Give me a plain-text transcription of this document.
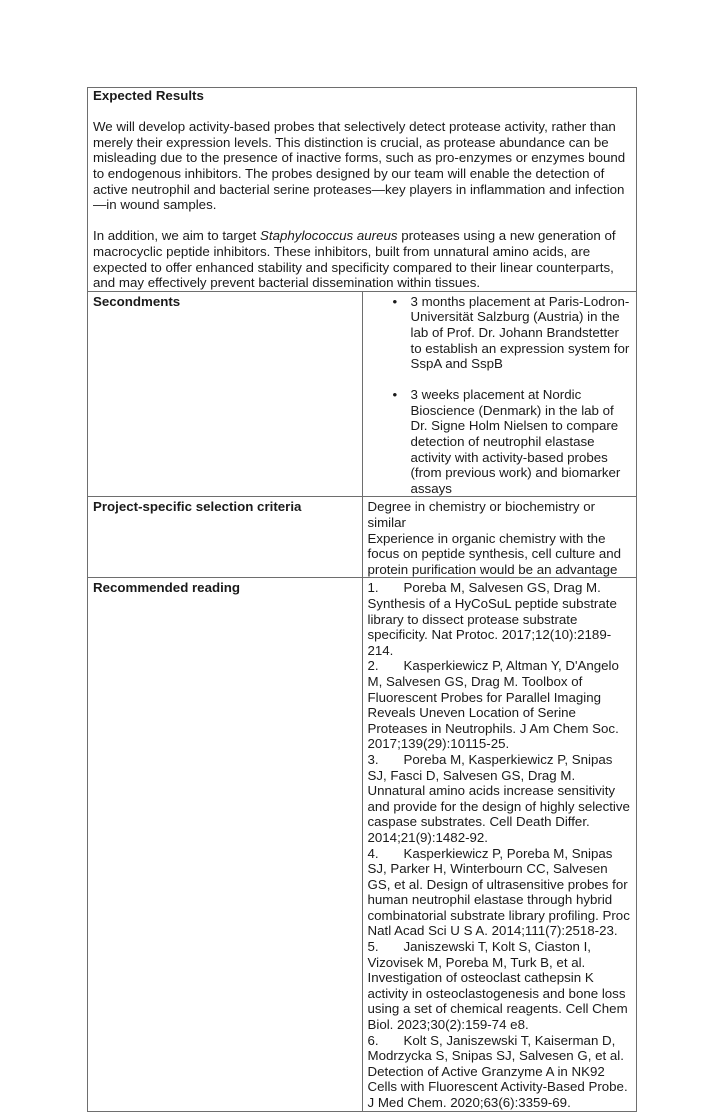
Expected Results

We will develop activity-based probes that selectively detect protease activity, rather than merely their expression levels. This distinction is crucial, as protease abundance can be misleading due to the presence of inactive forms, such as pro-enzymes or enzymes bound to endogenous inhibitors. The probes designed by our team will enable the detection of active neutrophil and bacterial serine proteases—key players in inflammation and infection—in wound samples.

In addition, we aim to target Staphylococcus aureus proteases using a new generation of macrocyclic peptide inhibitors. These inhibitors, built from unnatural amino acids, are expected to offer enhanced stability and specificity compared to their linear counterparts, and may effectively prevent bacterial dissemination within tissues.	

Secondments	• 3 months placement at Paris-Lodron- Universität Salzburg (Austria) in the lab of Prof. Dr. Johann Brandstetter to establish an expression system for SspA and SspB
• 3 weeks placement at Nordic Bioscience (Denmark) in the lab of Dr. Signe Holm Nielsen to compare detection of neutrophil elastase activity with activity-based probes (from previous work) and biomarker assays

Project-specific selection criteria	Degree in chemistry or biochemistry or similar
Experience in organic chemistry with the focus on peptide synthesis, cell culture and protein purification would be an advantage

Recommended reading	1. Poreba M, Salvesen GS, Drag M. Synthesis of a HyCoSuL peptide substrate library to dissect protease substrate specificity. Nat Protoc. 2017;12(10):2189-214.
2. Kasperkiewicz P, Altman Y, D'Angelo M, Salvesen GS, Drag M. Toolbox of Fluorescent Probes for Parallel Imaging Reveals Uneven Location of Serine Proteases in Neutrophils. J Am Chem Soc. 2017;139(29):10115-25.
3. Poreba M, Kasperkiewicz P, Snipas SJ, Fasci D, Salvesen GS, Drag M. Unnatural amino acids increase sensitivity and provide for the design of highly selective caspase substrates. Cell Death Differ. 2014;21(9):1482-92.
4. Kasperkiewicz P, Poreba M, Snipas SJ, Parker H, Winterbourn CC, Salvesen GS, et al. Design of ultrasensitive probes for human neutrophil elastase through hybrid combinatorial substrate library profiling. Proc Natl Acad Sci U S A. 2014;111(7):2518-23.
5. Janiszewski T, Kolt S, Ciaston I, Vizovisek M, Poreba M, Turk B, et al. Investigation of osteoclast cathepsin K activity in osteoclastogenesis and bone loss using a set of chemical reagents. Cell Chem Biol. 2023;30(2):159-74 e8.
6. Kolt S, Janiszewski T, Kaiserman D, Modrzycka S, Snipas SJ, Salvesen G, et al. Detection of Active Granzyme A in NK92 Cells with Fluorescent Activity-Based Probe. J Med Chem. 2020;63(6):3359-69.
